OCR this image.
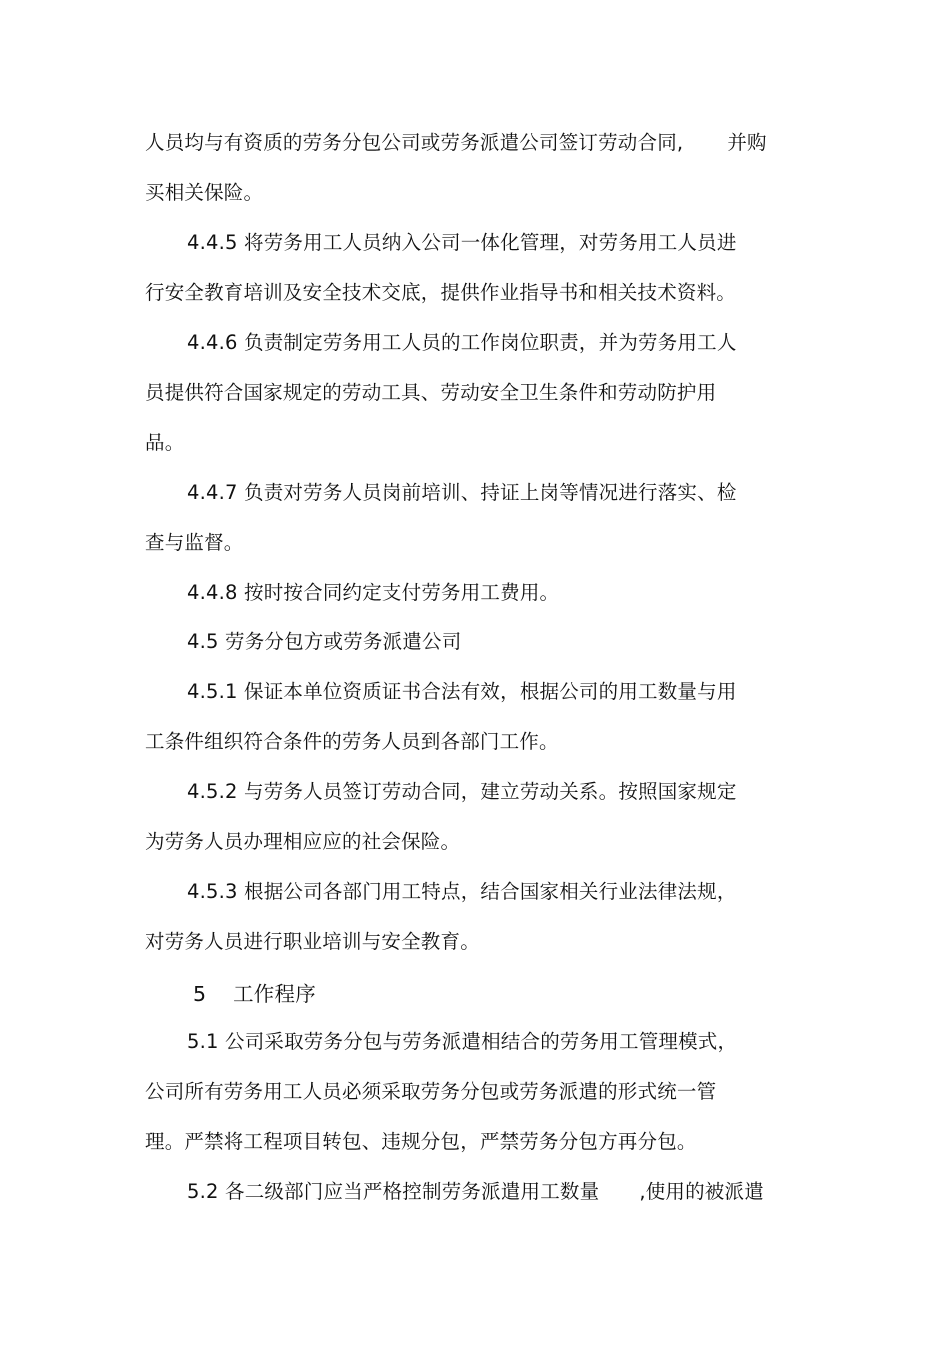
人员均与有资质的劳务分包公司或劳务派遣公司签订劳动合同, 并购
买相关保险。
4.4.5 将劳务用工人员纳入公司一体化管理，对劳务用工人员进
行安全教育培训及安全技术交底，提供作业指导书和相关技术资料。
4.4.6 负责制定劳务用工人员的工作岗位职责，并为劳务用工人
员提供符合国家规定的劳动工具、劳动安全卫生条件和劳动防护用
品。
4.4.7 负责对劳务人员岗前培训、持证上岗等情况进行落实、检
查与监督。
4.4.8 按时按合同约定支付劳务用工费用。
4.5 劳务分包方或劳务派遣公司
4.5.1 保证本单位资质证书合法有效，根据公司的用工数量与用
工条件组织符合条件的劳务人员到各部门工作。
4.5.2 与劳务人员签订劳动合同，建立劳动关系。按照国家规定
为劳务人员办理相应应的社会保险。
4.5.3 根据公司各部门用工特点，结合国家相关行业法律法规，
对劳务人员进行职业培训与安全教育。
5    工作程序
5.1 公司采取劳务分包与劳务派遣相结合的劳务用工管理模式，
公司所有劳务用工人员必须采取劳务分包或劳务派遣的形式统一管
理。严禁将工程项目转包、违规分包，严禁劳务分包方再分包。
5.2 各二级部门应当严格控制劳务派遣用工数量 ,使用的被派遣
